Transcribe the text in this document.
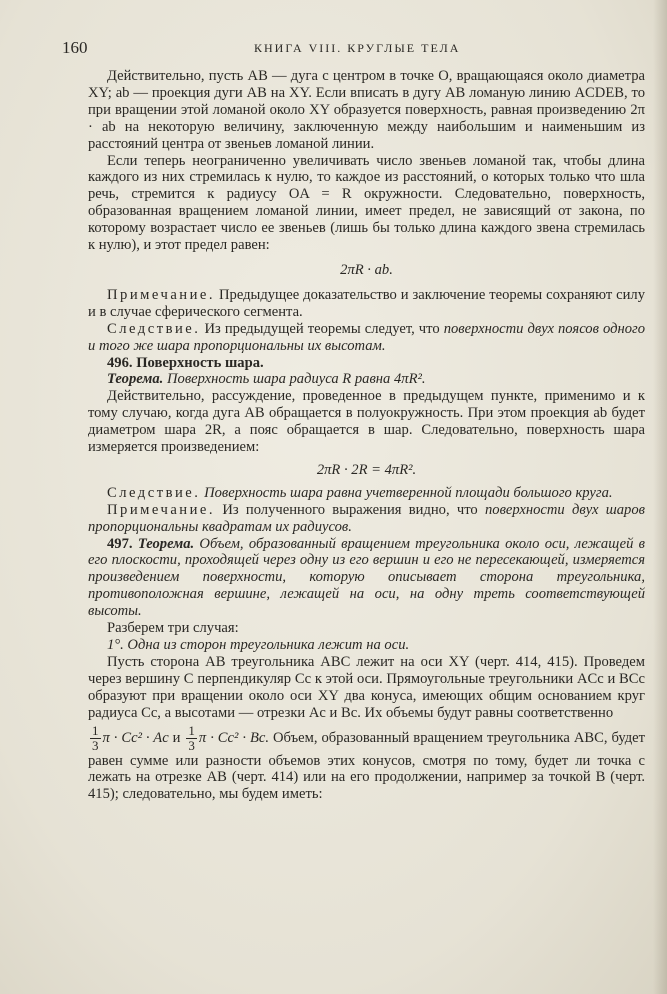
160	КНИГА VIII. КРУГЛЫЕ ТЕЛА

Действительно, пусть AB — дуга с центром в точке O, вращающаяся около диаметра XY; ab — проекция дуги AB на XY. Если вписать в дугу AB ломаную линию ACDEB, то при вращении этой ломаной около XY образуется поверхность, равная произведению 2π · ab на некоторую величину, заключенную между наибольшим и наименьшим из расстояний центра от звеньев ломаной линии.

Если теперь неограниченно увеличивать число звеньев ломаной так, чтобы длина каждого из них стремилась к нулю, то каждое из расстояний, о которых только что шла речь, стремится к радиусу OA = R окружности. Следовательно, поверхность, образованная вращением ломаной линии, имеет предел, не зависящий от закона, по которому возрастает число ее звеньев (лишь бы только длина каждого звена стремилась к нулю), и этот предел равен:

2πR · ab.

Примечание. Предыдущее доказательство и заключение теоремы сохраняют силу и в случае сферического сегмента.

Следствие. Из предыдущей теоремы следует, что поверхности двух поясов одного и того же шара пропорциональны их высотам.

496. Поверхность шара.

Теорема. Поверхность шара радиуса R равна 4πR².

Действительно, рассуждение, проведенное в предыдущем пункте, применимо и к тому случаю, когда дуга AB обращается в полуокружность. При этом проекция ab будет диаметром шара 2R, а пояс обращается в шар. Следовательно, поверхность шара измеряется произведением:

2πR · 2R = 4πR².

Следствие. Поверхность шара равна учетверенной площади большого круга.

Примечание. Из полученного выражения видно, что поверхности двух шаров пропорциональны квадратам их радиусов.

497. Теорема. Объем, образованный вращением треугольника около оси, лежащей в его плоскости, проходящей через одну из его вершин и его не пересекающей, измеряется произведением поверхности, которую описывает сторона треугольника, противоположная вершине, лежащей на оси, на одну треть соответствующей высоты.

Разберем три случая:

1°. Одна из сторон треугольника лежит на оси.

Пусть сторона AB треугольника ABC лежит на оси XY (черт. 414, 415). Проведем через вершину C перпендикуляр Cc к этой оси. Прямоугольные треугольники ACc и BCc образуют при вращении около оси XY два конуса, имеющих общим основанием круг радиуса Cc, а высотами — отрезки Ac и Bc. Их объемы будут равны соответственно

$\frac{1}{3}$ π · Cc² · Ac и $\frac{1}{3}$ π · Cc² · Bc. Объем, образованный вращением треугольника ABC, будет равен сумме или разности объемов этих конусов, смотря по тому, будет ли точка c лежать на отрезке AB (черт. 414) или на его продолжении, например за точкой B (черт. 415); следовательно, мы будем иметь:
